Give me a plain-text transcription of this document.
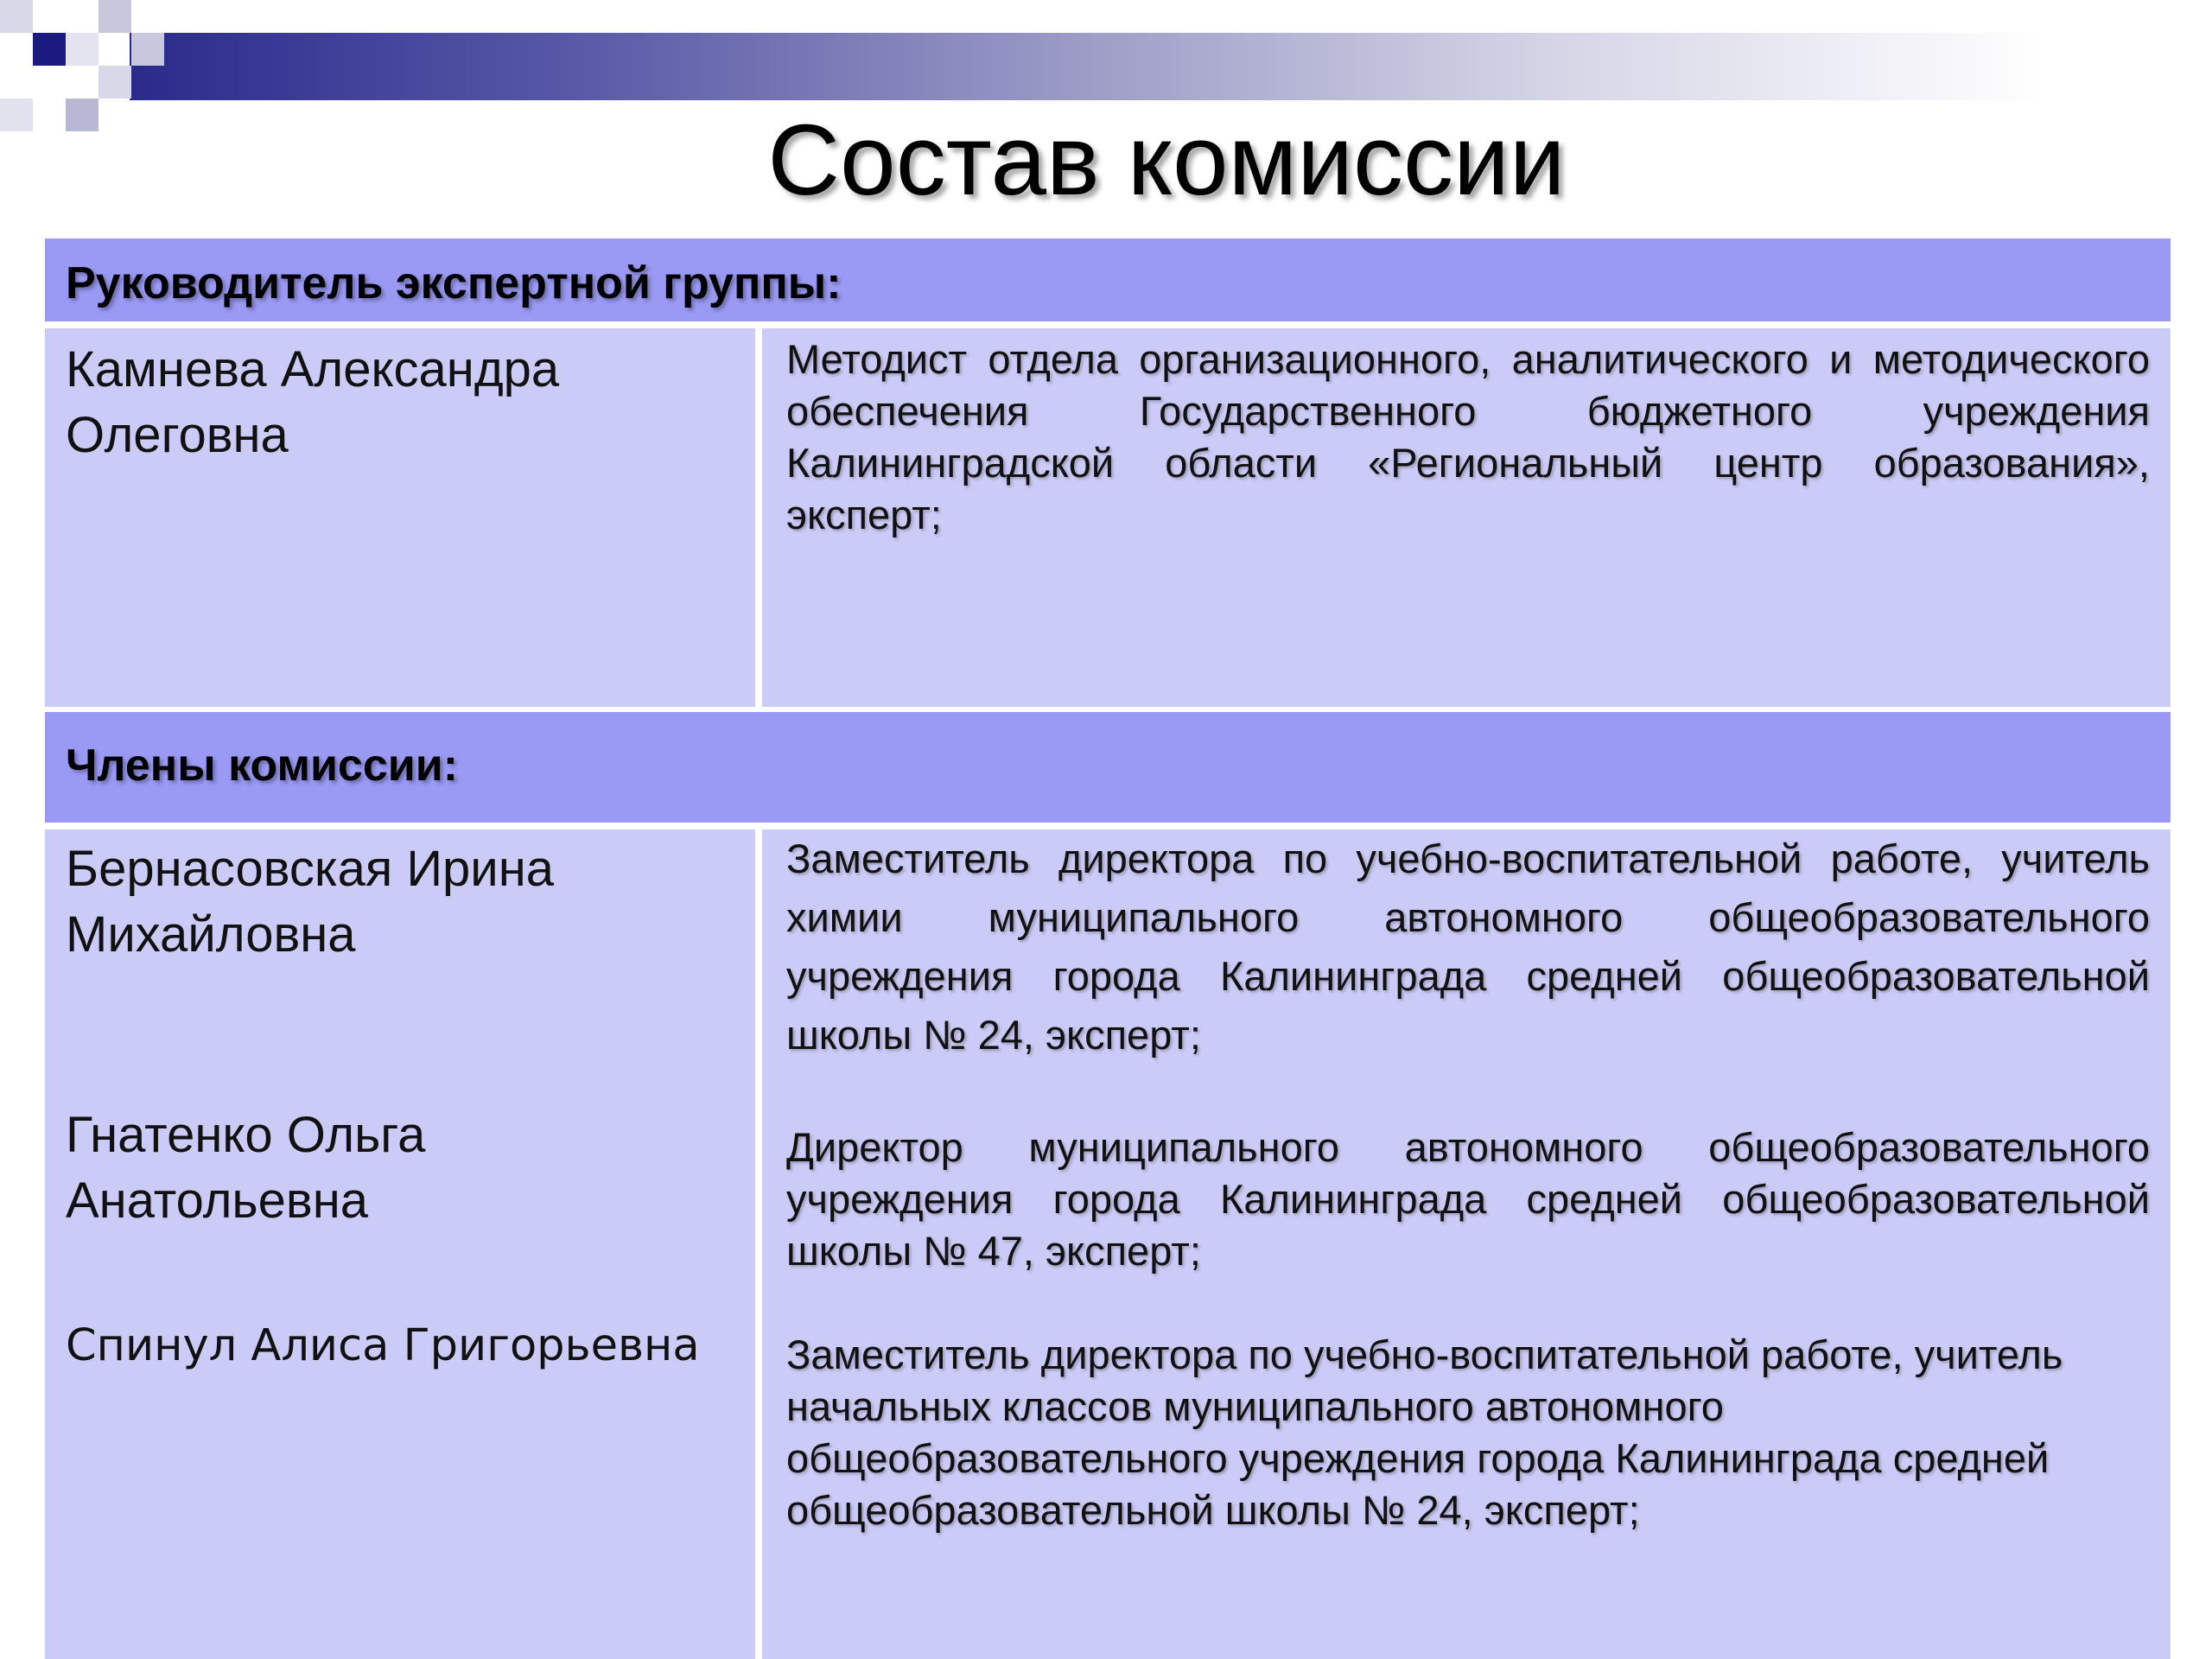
Состав комиссии
Руководитель экспертной группы:
Камнева Александра Олеговна
Методист отдела организационного, аналитического и методического обеспечения Государственного бюджетного учреждения Калининградской области «Региональный центр образования», эксперт;
Члены комиссии:
Бернасовская Ирина Михайловна
Гнатенко Ольга Анатольевна
Спинул Алиса Григорьевна
Заместитель директора по учебно-воспитательной работе, учитель химии муниципального автономного общеобразовательного учреждения города Калининграда средней общеобразовательной школы № 24, эксперт;
Директор муниципального автономного общеобразовательного учреждения города Калининграда средней общеобразовательной школы № 47, эксперт;
Заместитель директора по учебно-воспитательной работе, учитель начальных классов муниципального автономного общеобразовательного учреждения города Калининграда средней общеобразовательной школы № 24, эксперт;
